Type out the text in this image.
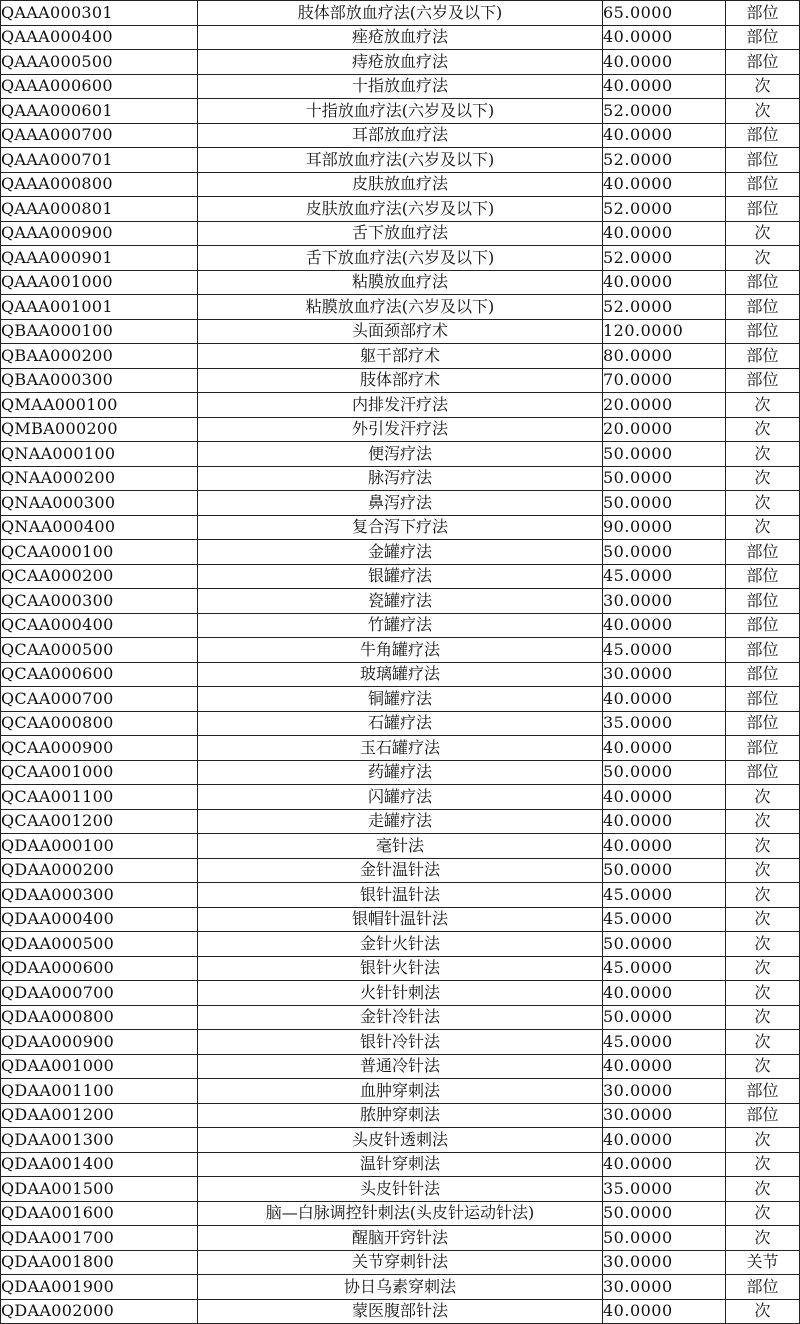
QAAA000301	肢体部放血疗法(六岁及以下)	65.0000	部位
QAAA000400	痤疮放血疗法	40.0000	部位
QAAA000500	痔疮放血疗法	40.0000	部位
QAAA000600	十指放血疗法	40.0000	次
QAAA000601	十指放血疗法(六岁及以下)	52.0000	次
QAAA000700	耳部放血疗法	40.0000	部位
QAAA000701	耳部放血疗法(六岁及以下)	52.0000	部位
QAAA000800	皮肤放血疗法	40.0000	部位
QAAA000801	皮肤放血疗法(六岁及以下)	52.0000	部位
QAAA000900	舌下放血疗法	40.0000	次
QAAA000901	舌下放血疗法(六岁及以下)	52.0000	次
QAAA001000	粘膜放血疗法	40.0000	部位
QAAA001001	粘膜放血疗法(六岁及以下)	52.0000	部位
QBAA000100	头面颈部疗术	120.0000	部位
QBAA000200	躯干部疗术	80.0000	部位
QBAA000300	肢体部疗术	70.0000	部位
QMAA000100	内排发汗疗法	20.0000	次
QMBA000200	外引发汗疗法	20.0000	次
QNAA000100	便泻疗法	50.0000	次
QNAA000200	脉泻疗法	50.0000	次
QNAA000300	鼻泻疗法	50.0000	次
QNAA000400	复合泻下疗法	90.0000	次
QCAA000100	金罐疗法	50.0000	部位
QCAA000200	银罐疗法	45.0000	部位
QCAA000300	瓷罐疗法	30.0000	部位
QCAA000400	竹罐疗法	40.0000	部位
QCAA000500	牛角罐疗法	45.0000	部位
QCAA000600	玻璃罐疗法	30.0000	部位
QCAA000700	铜罐疗法	40.0000	部位
QCAA000800	石罐疗法	35.0000	部位
QCAA000900	玉石罐疗法	40.0000	部位
QCAA001000	药罐疗法	50.0000	部位
QCAA001100	闪罐疗法	40.0000	次
QCAA001200	走罐疗法	40.0000	次
QDAA000100	毫针法	40.0000	次
QDAA000200	金针温针法	50.0000	次
QDAA000300	银针温针法	45.0000	次
QDAA000400	银帽针温针法	45.0000	次
QDAA000500	金针火针法	50.0000	次
QDAA000600	银针火针法	45.0000	次
QDAA000700	火针针刺法	40.0000	次
QDAA000800	金针冷针法	50.0000	次
QDAA000900	银针冷针法	45.0000	次
QDAA001000	普通冷针法	40.0000	次
QDAA001100	血肿穿刺法	30.0000	部位
QDAA001200	脓肿穿刺法	30.0000	部位
QDAA001300	头皮针透刺法	40.0000	次
QDAA001400	温针穿刺法	40.0000	次
QDAA001500	头皮针针法	35.0000	次
QDAA001600	脑—白脉调控针刺法(头皮针运动针法)	50.0000	次
QDAA001700	醒脑开窍针法	50.0000	次
QDAA001800	关节穿刺针法	30.0000	关节
QDAA001900	协日乌素穿刺法	30.0000	部位
QDAA002000	蒙医腹部针法	40.0000	次
